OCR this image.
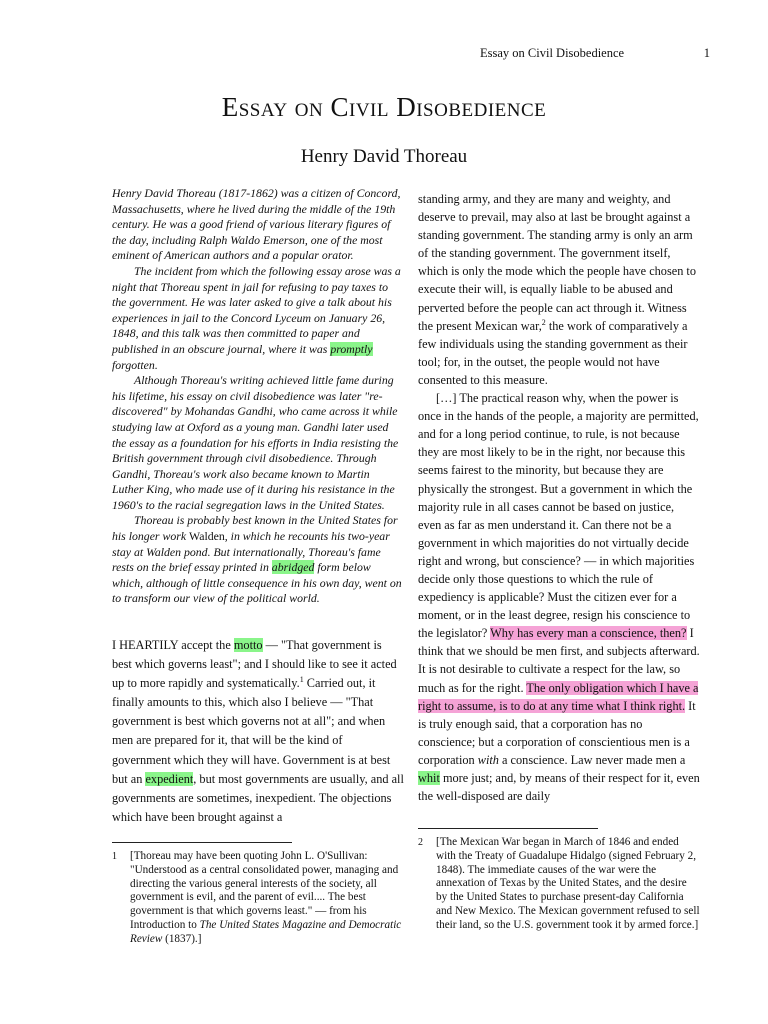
Essay on Civil Disobedience	1
Essay on Civil Disobedience
Henry David Thoreau

Henry David Thoreau (1817-1862) was a citizen of Concord, Massachusetts, where he lived during the middle of the 19th century. He was a good friend of various literary figures of the day, including Ralph Waldo Emerson, one of the most eminent of American authors and a popular orator.

The incident from which the following essay arose was a night that Thoreau spent in jail for refusing to pay taxes to the government. He was later asked to give a talk about his experiences in jail to the Concord Lyceum on January 26, 1848, and this talk was then committed to paper and published in an obscure journal, where it was promptly forgotten.

Although Thoreau's writing achieved little fame during his lifetime, his essay on civil disobedience was later "re-discovered" by Mohandas Gandhi, who came across it while studying law at Oxford as a young man. Gandhi later used the essay as a foundation for his efforts in India resisting the British government through civil disobedience. Through Gandhi, Thoreau's work also became known to Martin Luther King, who made use of it during his resistance in the 1960's to the racial segregation laws in the United States.

Thoreau is probably best known in the United States for his longer work Walden, in which he recounts his two-year stay at Walden pond. But internationally, Thoreau's fame rests on the brief essay printed in abridged form below which, although of little consequence in his own day, went on to transform our view of the political world.

I HEARTILY accept the motto — "That government is best which governs least"; and I should like to see it acted up to more rapidly and systematically.$^1$ Carried out, it finally amounts to this, which also I believe — "That government is best which governs not at all"; and when men are prepared for it, that will be the kind of government which they will have. Government is at best but an expedient, but most governments are usually, and all governments are sometimes, inexpedient. The objections which have been brought against a

standing army, and they are many and weighty, and deserve to prevail, may also at last be brought against a standing government. The standing army is only an arm of the standing government. The government itself, which is only the mode which the people have chosen to execute their will, is equally liable to be abused and perverted before the people can act through it. Witness the present Mexican war,$^2$ the work of comparatively a few individuals using the standing government as their tool; for, in the outset, the people would not have consented to this measure.

[…] The practical reason why, when the power is once in the hands of the people, a majority are permitted, and for a long period continue, to rule, is not because they are most likely to be in the right, nor because this seems fairest to the minority, but because they are physically the strongest. But a government in which the majority rule in all cases cannot be based on justice, even as far as men understand it. Can there not be a government in which majorities do not virtually decide right and wrong, but conscience? — in which majorities decide only those questions to which the rule of expediency is applicable? Must the citizen ever for a moment, or in the least degree, resign his conscience to the legislator? Why has every man a conscience, then? I think that we should be men first, and subjects afterward. It is not desirable to cultivate a respect for the law, so much as for the right. The only obligation which I have a right to assume, is to do at any time what I think right. It is truly enough said, that a corporation has no conscience; but a corporation of conscientious men is a corporation with a conscience. Law never made men a whit more just; and, by means of their respect for it, even the well-disposed are daily

1 [Thoreau may have been quoting John L. O'Sullivan: "Understood as a central consolidated power, managing and directing the various general interests of the society, all government is evil, and the parent of evil.... The best government is that which governs least." — from his Introduction to The United States Magazine and Democratic Review (1837).]
2 [The Mexican War began in March of 1846 and ended with the Treaty of Guadalupe Hidalgo (signed February 2, 1848). The immediate causes of the war were the annexation of Texas by the United States, and the desire by the United States to purchase present-day California and New Mexico. The Mexican government refused to sell their land, so the U.S. government took it by armed force.]
